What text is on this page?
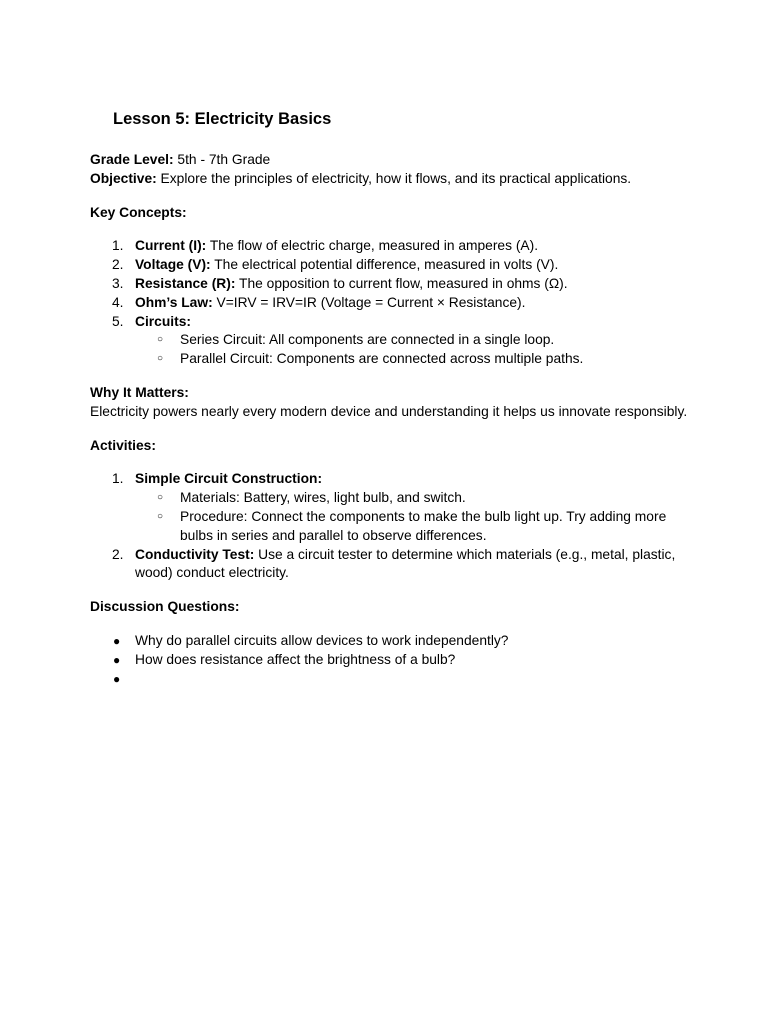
Lesson 5: Electricity Basics

Grade Level: 5th - 7th Grade

Objective: Explore the principles of electricity, how it flows, and its practical applications.

Key Concepts:

1. Current (I): The flow of electric charge, measured in amperes (A).
2. Voltage (V): The electrical potential difference, measured in volts (V).
3. Resistance (R): The opposition to current flow, measured in ohms (Ω).
4. Ohm’s Law: V=IRV = IRV=IR (Voltage = Current × Resistance).
5. Circuits:
○ Series Circuit: All components are connected in a single loop.
○ Parallel Circuit: Components are connected across multiple paths.

Why It Matters:

Electricity powers nearly every modern device and understanding it helps us innovate responsibly.

Activities:

1. Simple Circuit Construction:
○ Materials: Battery, wires, light bulb, and switch.
○ Procedure: Connect the components to make the bulb light up. Try adding more bulbs in series and parallel to observe differences.
2. Conductivity Test: Use a circuit tester to determine which materials (e.g., metal, plastic, wood) conduct electricity.

Discussion Questions:

● Why do parallel circuits allow devices to work independently?
● How does resistance affect the brightness of a bulb?
●
